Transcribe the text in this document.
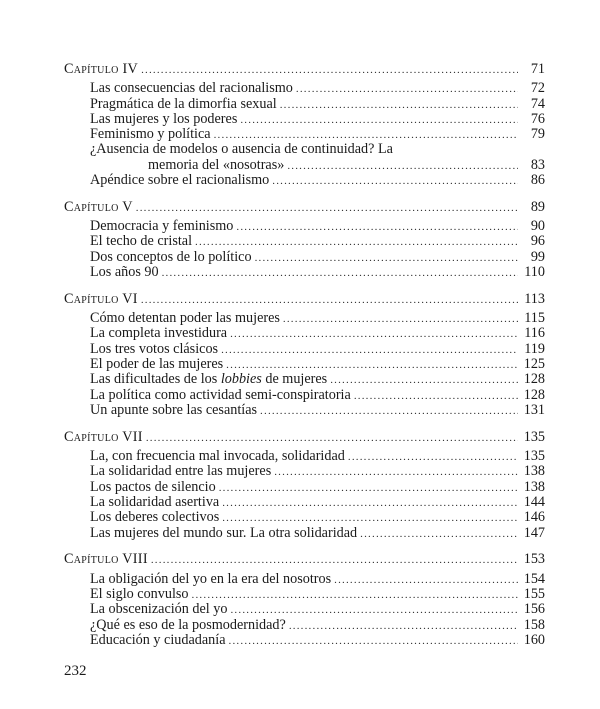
Capítulo IV .....	71
Las consecuencias del racionalismo .....	72
Pragmática de la dimorfia sexual .....	74
Las mujeres y los poderes .....	76
Feminismo y política .....	79
¿Ausencia de modelos o ausencia de continuidad? La
memoria del «nosotras» .....	83
Apéndice sobre el racionalismo .....	86
Capítulo V .....	89
Democracia y feminismo .....	90
El techo de cristal .....	96
Dos conceptos de lo político .....	99
Los años 90 .....	110
Capítulo VI .....	113
Cómo detentan poder las mujeres .....	115
La completa investidura .....	116
Los tres votos clásicos .....	119
El poder de las mujeres .....	125
Las dificultades de los lobbies de mujeres .....	128
La política como actividad semi-conspiratoria .....	128
Un apunte sobre las cesantías .....	131
Capítulo VII .....	135
La, con frecuencia mal invocada, solidaridad .....	135
La solidaridad entre las mujeres .....	138
Los pactos de silencio .....	138
La solidaridad asertiva .....	144
Los deberes colectivos .....	146
Las mujeres del mundo sur. La otra solidaridad .....	147
Capítulo VIII .....	153
La obligación del yo en la era del nosotros .....	154
El siglo convulso .....	155
La obscenización del yo .....	156
¿Qué es eso de la posmodernidad? .....	158
Educación y ciudadanía .....	160
232
